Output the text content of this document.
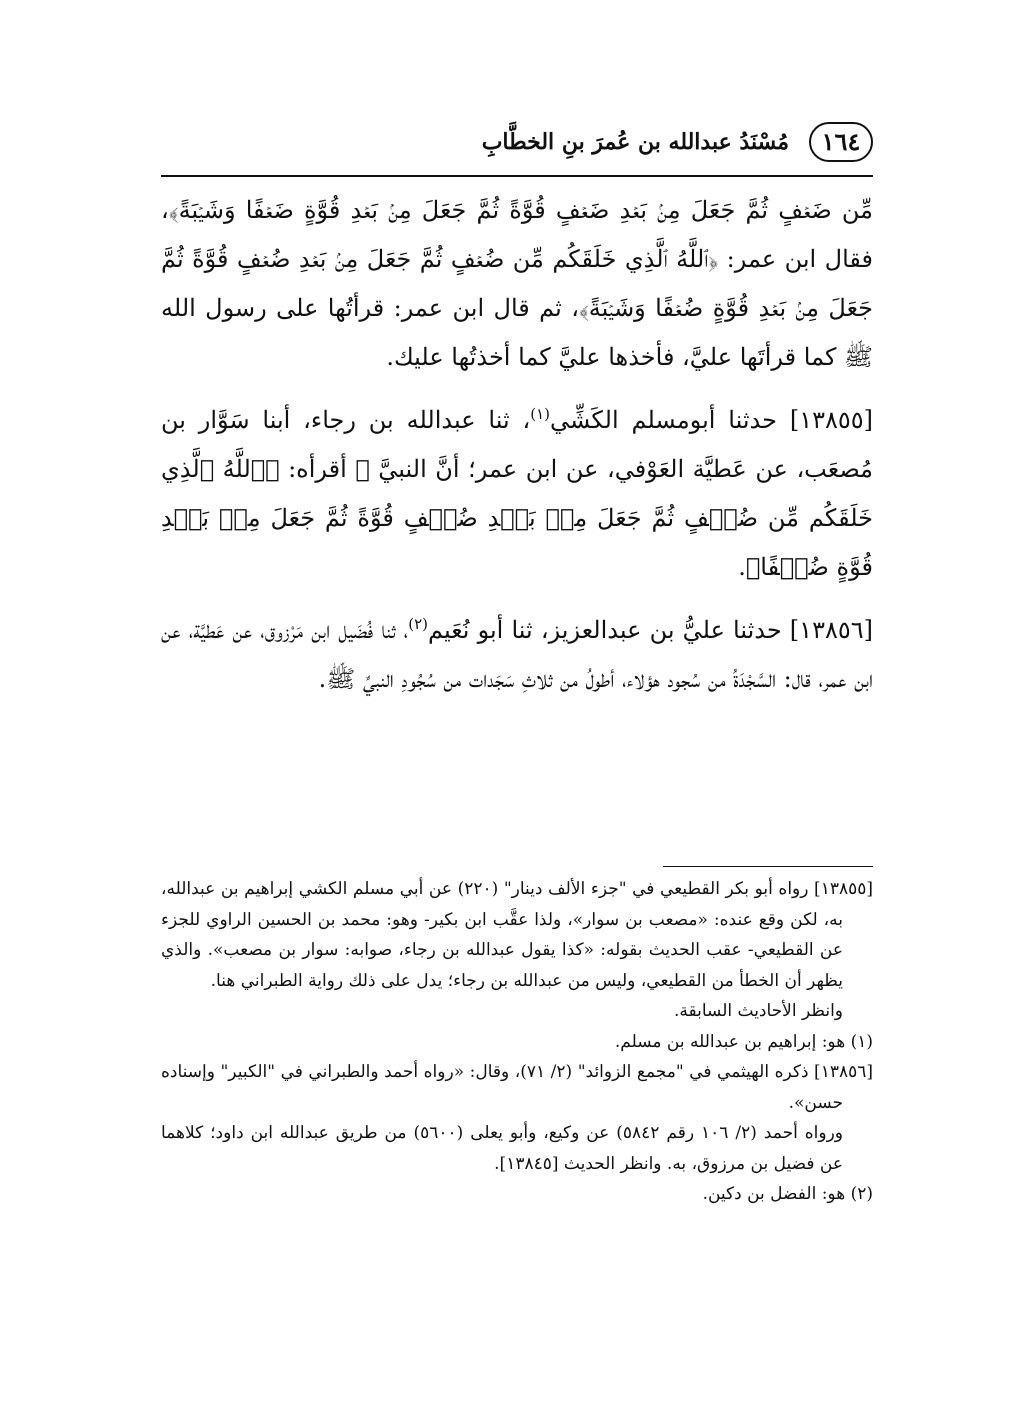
١٦٤
مُسْنَدُ عبدالله بن عُمرَ بنِ الخطَّابِ

مِّن ضَعۡفٍ ثُمَّ جَعَلَ مِنۢ بَعۡدِ ضَعۡفٍ قُوَّةً ثُمَّ جَعَلَ مِنۢ بَعۡدِ قُوَّةٍ ضَعۡفًا وَشَيۡبَةً﴾، فقال ابن عمر: ﴿ٱللَّهُ ٱلَّذِي خَلَقَكُم مِّن ضُعۡفٍ ثُمَّ جَعَلَ مِنۢ بَعۡدِ ضُعۡفٍ قُوَّةً ثُمَّ جَعَلَ مِنۢ بَعۡدِ قُوَّةٍ ضُعۡفًا وَشَيۡبَةً﴾، ثم قال ابن عمر: قرأتُها على رسول الله ﷺ كما قرأتَها عليَّ، فأخذها عليَّ كما أخذتُها عليك.

[١٣٨٥٥] حدثنا أبومسلم الكَشِّي$^{(١)}$، ثنا عبدالله بن رجاء، أبنا سَوَّار بن مُصعَب، عن عَطيَّة العَوْفي، عن ابن عمر؛ أنَّ النبيَّ ﷺ أقرأه: ﴿ٱللَّهُ ٱلَّذِي خَلَقَكُم مِّن ضُعۡفٍ ثُمَّ جَعَلَ مِنۢ بَعۡدِ ضُعۡفٍ قُوَّةً ثُمَّ جَعَلَ مِنۢ بَعۡدِ قُوَّةٍ ضُعۡفًا﴾.

[١٣٨٥٦] حدثنا عليُّ بن عبدالعزيز، ثنا أبو نُعَيم$^{(٢)}$، ثنا فُضَيل ابن مَرْزوق، عن عَطيَّة، عن ابن عمر، قال: السَّجْدَةُ من سُجود هؤلاء، أطولُ من ثلاثِ سَجَدات من سُجُودِ النبيِّ ﷺ.

[١٣٨٥٥] رواه أبو بكر القطيعي في "جزء الألف دينار" (٢٢٠) عن أبي مسلم الكشي إبراهيم بن عبدالله، به، لكن وقع عنده: «مصعب بن سوار»، ولذا عقَّب ابن بكير- وهو: محمد بن الحسين الراوي للجزء عن القطيعي- عقب الحديث بقوله: «كذا يقول عبدالله بن رجاء، صوابه: سوار بن مصعب». والذي يظهر أن الخطأ من القطيعي، وليس من عبدالله بن رجاء؛ يدل على ذلك رواية الطبراني هنا.

وانظر الأحاديث السابقة.

(١) هو: إبراهيم بن عبدالله بن مسلم.

[١٣٨٥٦] ذكره الهيثمي في "مجمع الزوائد" (٢/ ٧١)، وقال: «رواه أحمد والطبراني في "الكبير" وإسناده حسن».

ورواه أحمد (٢/ ١٠٦ رقم ٥٨٤٢) عن وكيع، وأبو يعلى (٥٦٠٠) من طريق عبدالله ابن داود؛ كلاهما عن فضيل بن مرزوق، به. وانظر الحديث [١٣٨٤٥].

(٢) هو: الفضل بن دكين.
